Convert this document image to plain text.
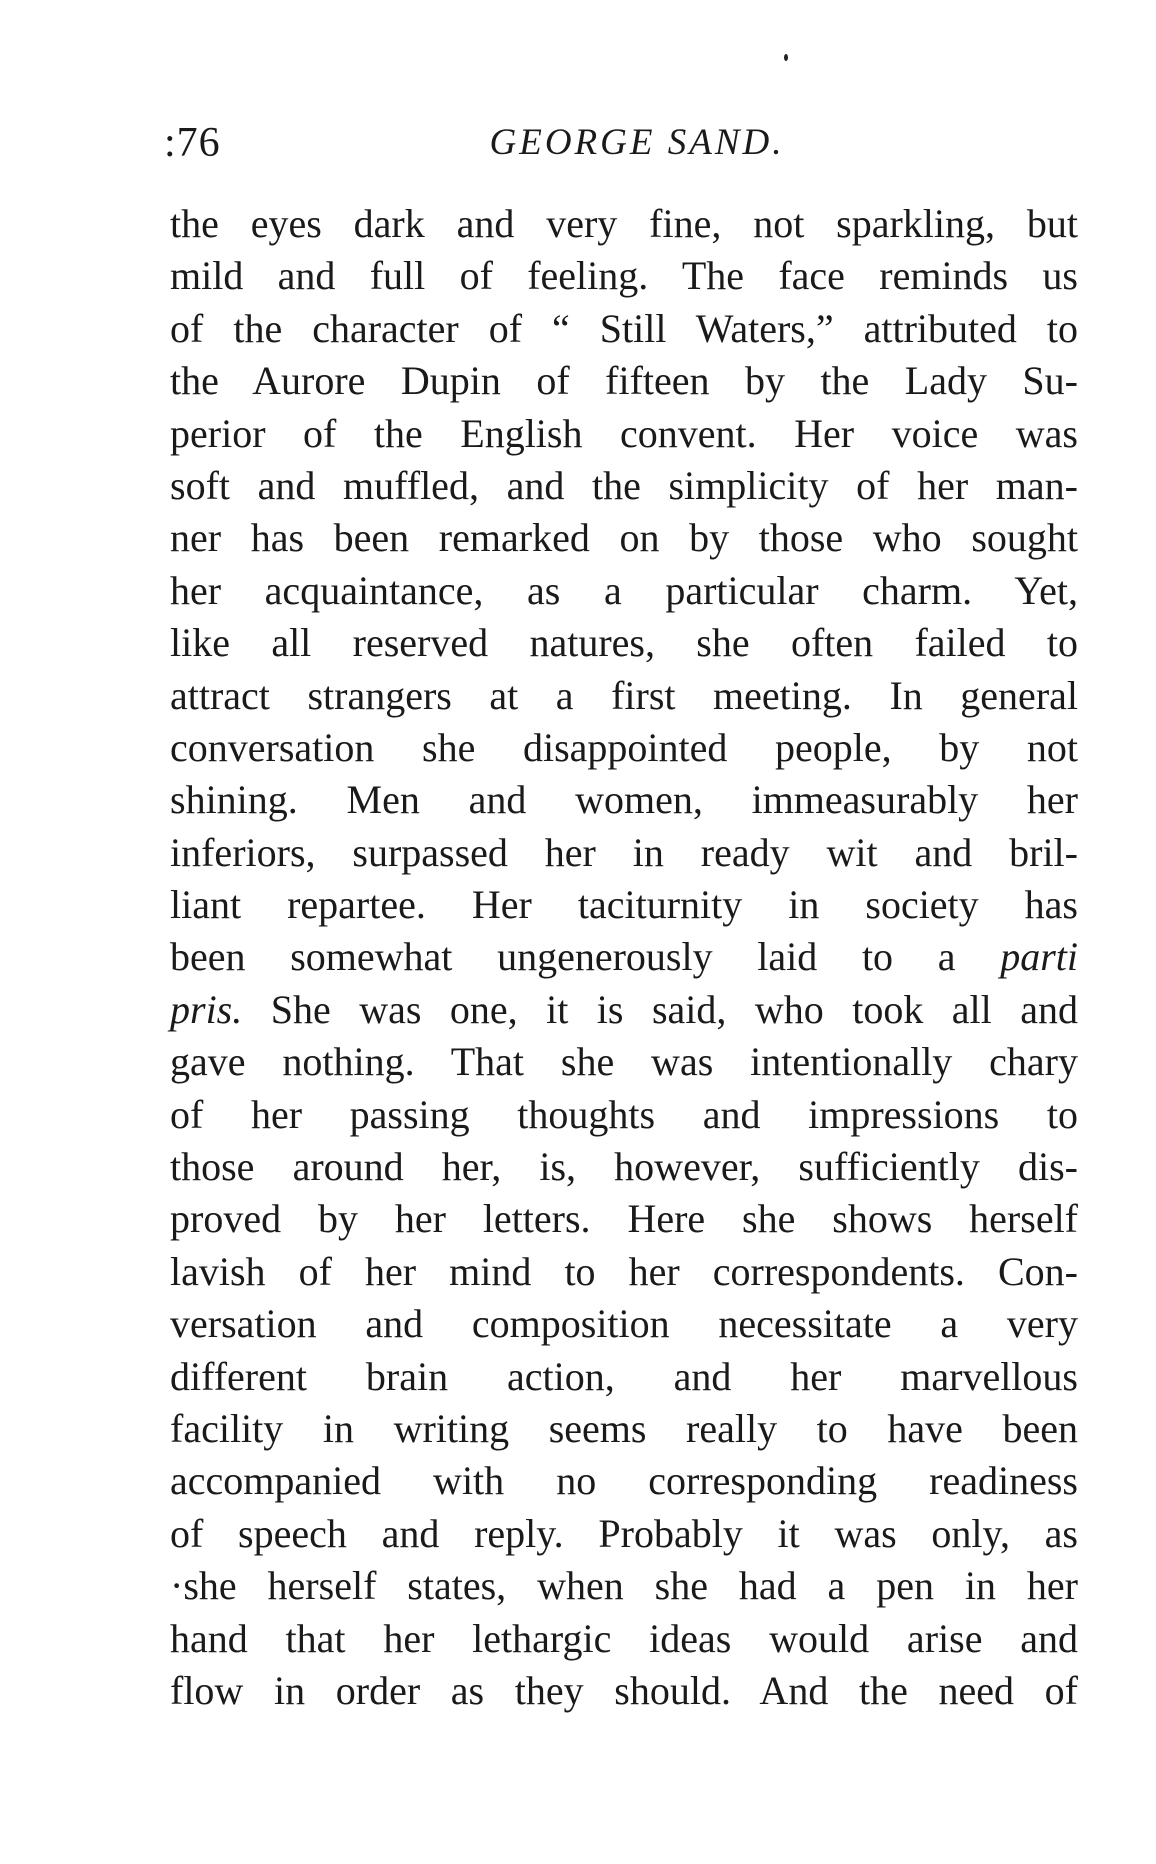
:76	GEORGE SAND.
the eyes dark and very fine, not sparkling, but
mild and full of feeling. The face reminds us
of the character of “ Still Waters,” attributed to
the Aurore Dupin of fifteen by the Lady Su-
perior of the English convent. Her voice was
soft and muffled, and the simplicity of her man-
ner has been remarked on by those who sought
her acquaintance, as a particular charm. Yet,
like all reserved natures, she often failed to
attract strangers at a first meeting. In general
conversation she disappointed people, by not
shining. Men and women, immeasurably her
inferiors, surpassed her in ready wit and bril-
liant repartee. Her taciturnity in society has
been somewhat ungenerously laid to a parti
pris. She was one, it is said, who took all and
gave nothing. That she was intentionally chary
of her passing thoughts and impressions to
those around her, is, however, sufficiently dis-
proved by her letters. Here she shows herself
lavish of her mind to her correspondents. Con-
versation and composition necessitate a very
different brain action, and her marvellous
facility in writing seems really to have been
accompanied with no corresponding readiness
of speech and reply. Probably it was only, as
·she herself states, when she had a pen in her
hand that her lethargic ideas would arise and
flow in order as they should. And the need of
